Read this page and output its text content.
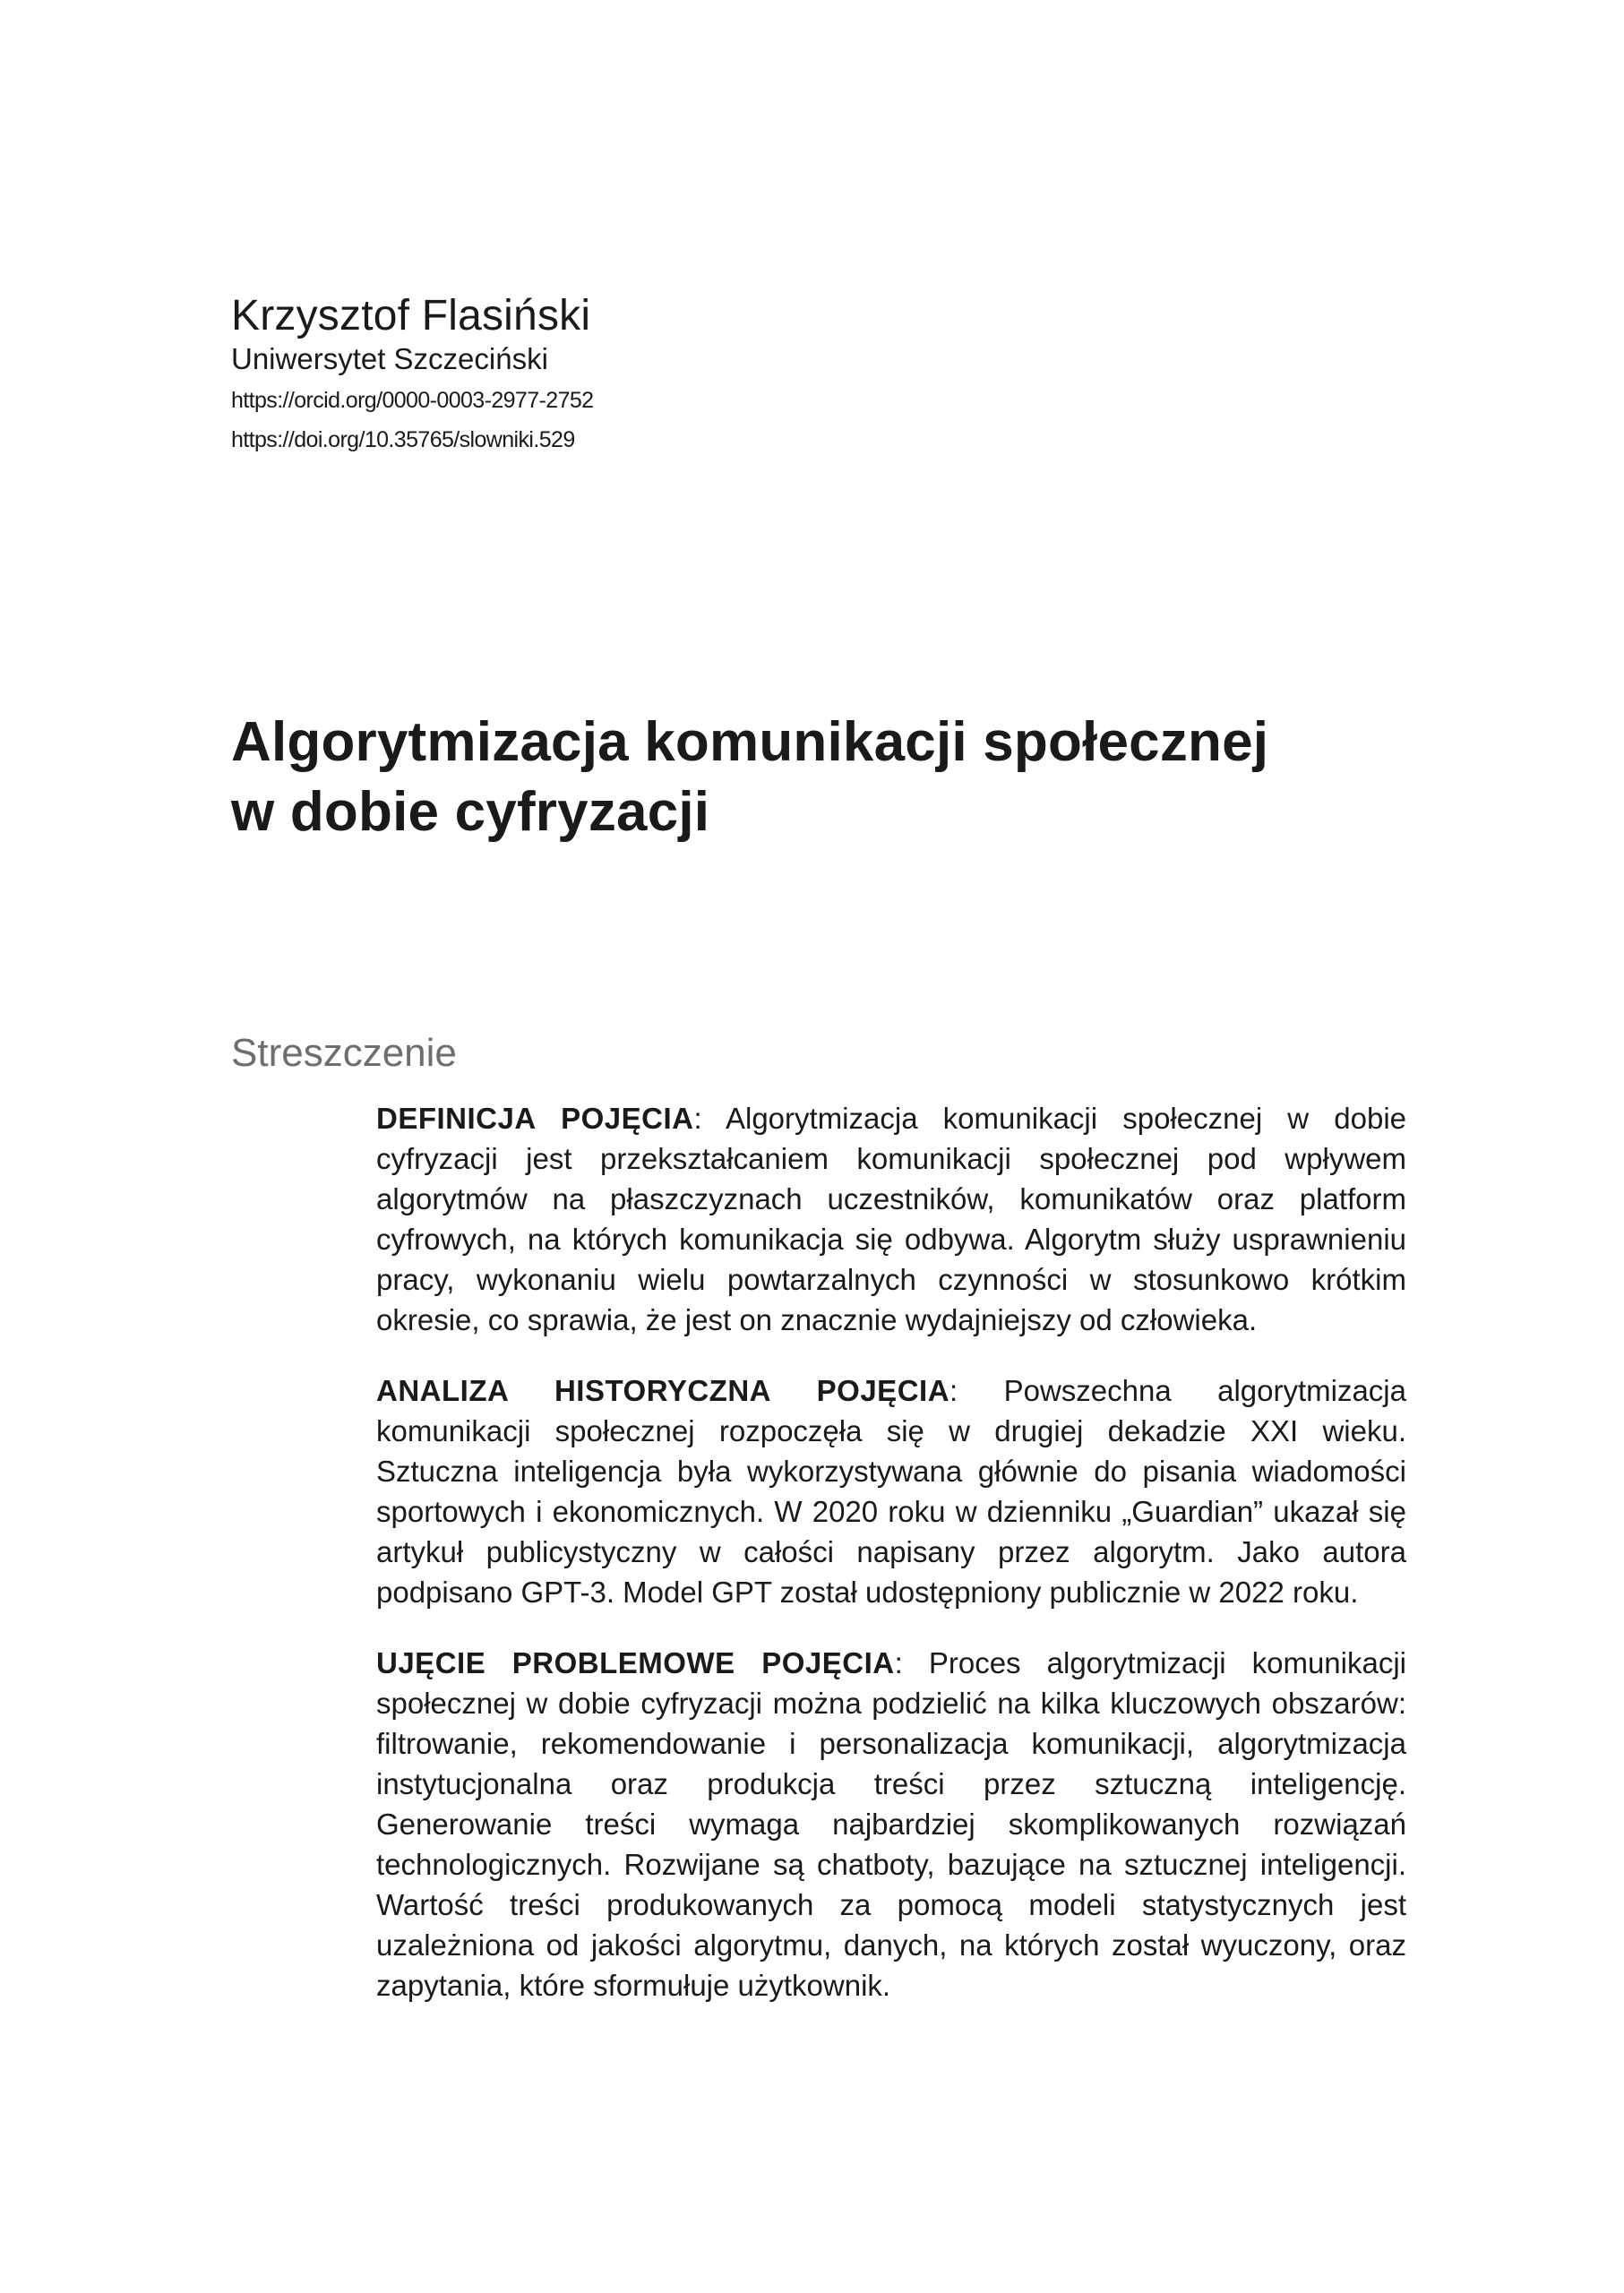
Krzysztof Flasiński

Uniwersytet Szczeciński

https://orcid.org/0000-0003-2977-2752

https://doi.org/10.35765/slowniki.529

Algorytmizacja komunikacji społecznej
w dobie cyfryzacji
Streszczenie

DEFINICJA POJĘCIA: Algorytmizacja komunikacji społecznej w dobie cyfryzacji jest przekształcaniem komunikacji społecznej pod wpływem algorytmów na płaszczyznach uczestników, komunikatów oraz platform cyfrowych, na których komunikacja się odbywa. Algorytm służy usprawnieniu pracy, wykonaniu wielu powtarzalnych czynności w stosunkowo krótkim okresie, co sprawia, że jest on znacznie wydajniejszy od człowieka.

ANALIZA HISTORYCZNA POJĘCIA: Powszechna algorytmizacja komunikacji społecznej rozpoczęła się w drugiej dekadzie XXI wieku. Sztuczna inteligencja była wykorzystywana głównie do pisania wiadomości sportowych i ekonomicznych. W 2020 roku w dzienniku „Guardian” ukazał się artykuł publicystyczny w całości napisany przez algorytm. Jako autora podpisano GPT-3. Model GPT został udostępniony publicznie w 2022 roku.

UJĘCIE PROBLEMOWE POJĘCIA: Proces algorytmizacji komunikacji społecznej w dobie cyfryzacji można podzielić na kilka kluczowych obszarów: filtrowanie, rekomendowanie i personalizacja komunikacji, algorytmizacja instytucjonalna oraz produkcja treści przez sztuczną inteligencję. Generowanie treści wymaga najbardziej skomplikowanych rozwiązań technologicznych. Rozwijane są chatboty, bazujące na sztucznej inteligencji. Wartość treści produkowanych za pomocą modeli statystycznych jest uzależniona od jakości algorytmu, danych, na których został wyuczony, oraz zapytania, które sformułuje użytkownik.
